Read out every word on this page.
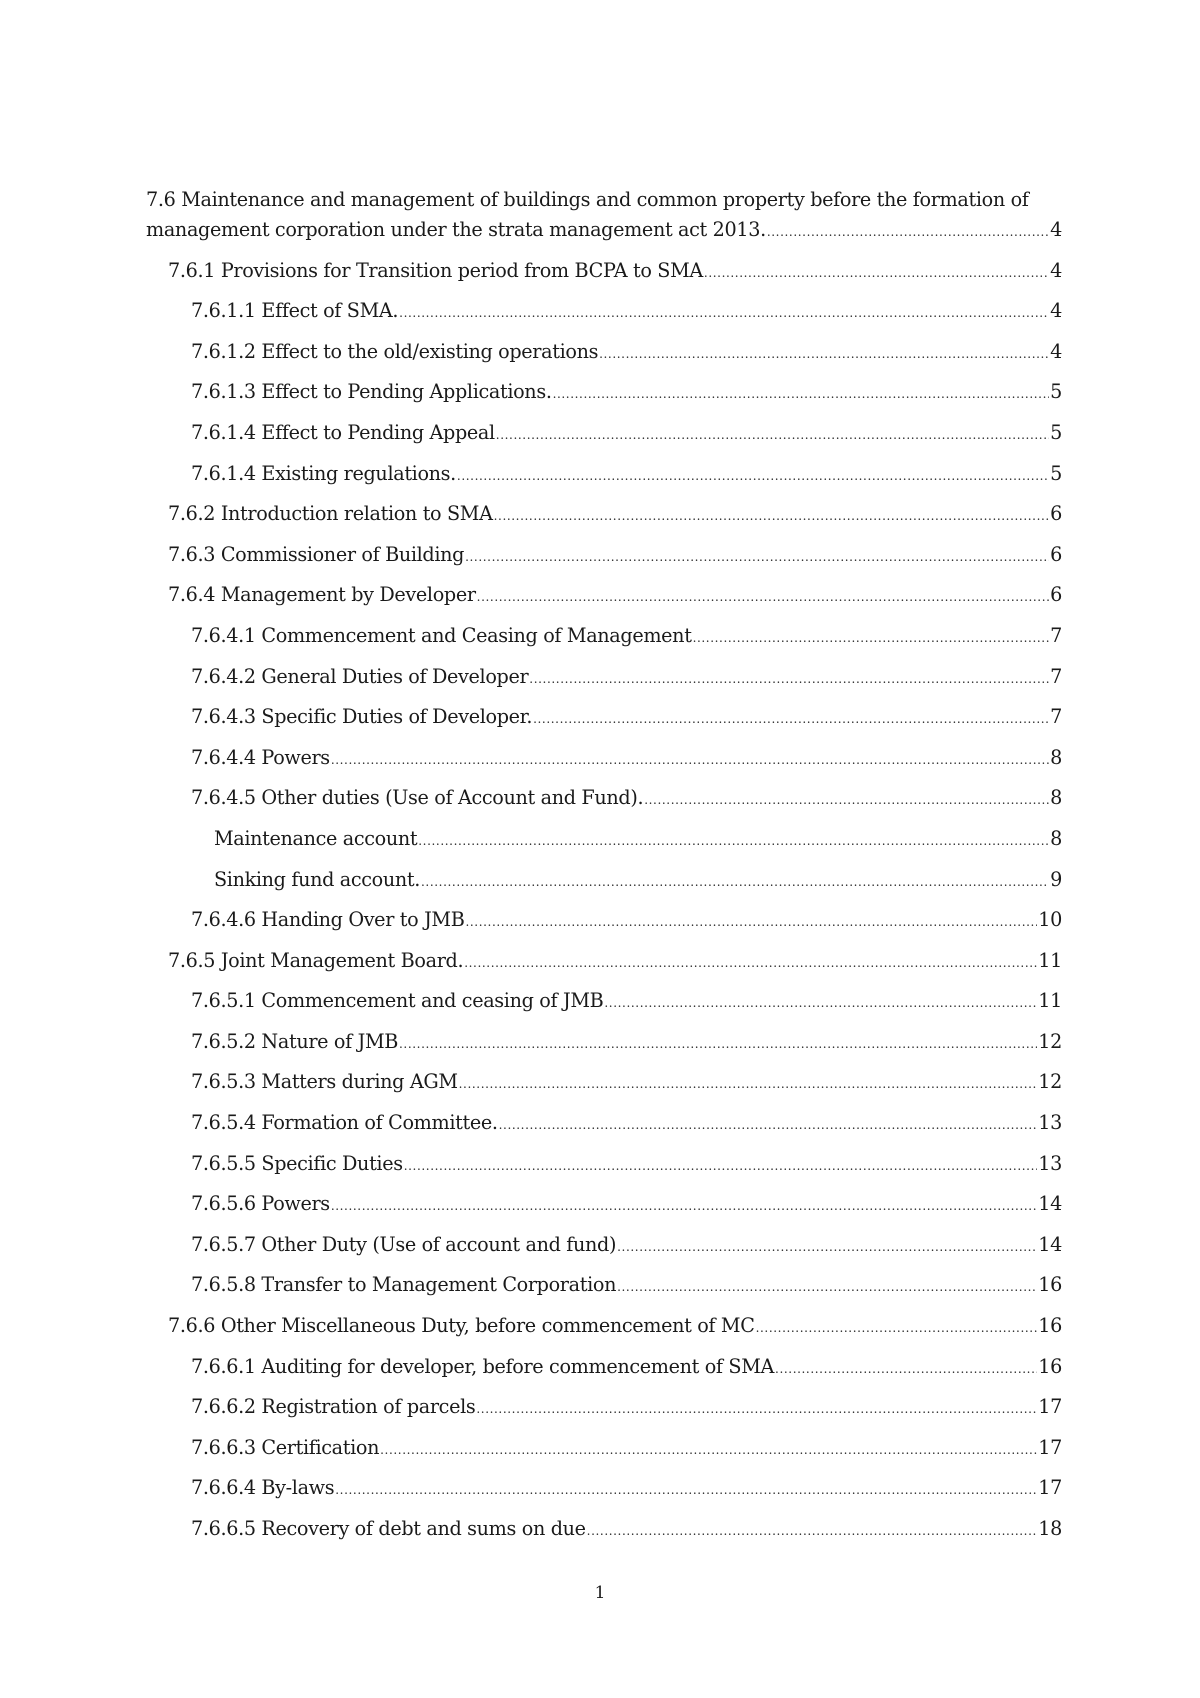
7.6 Maintenance and management of buildings and common property before the formation of
management corporation under the strata management act 2013. .....	4
7.6.1 Provisions for Transition period from BCPA to SMA .....	4
7.6.1.1 Effect of SMA. .....	4
7.6.1.2 Effect to the old/existing operations .....	4
7.6.1.3 Effect to Pending Applications. .....	5
7.6.1.4 Effect to Pending Appeal .....	5
7.6.1.4 Existing regulations. .....	5
7.6.2 Introduction relation to SMA .....	6
7.6.3 Commissioner of Building .....	6
7.6.4 Management by Developer .....	6
7.6.4.1 Commencement and Ceasing of Management .....	7
7.6.4.2 General Duties of Developer .....	7
7.6.4.3 Specific Duties of Developer. .....	7
7.6.4.4 Powers .....	8
7.6.4.5 Other duties (Use of Account and Fund). .....	8
Maintenance account .....	8
Sinking fund account. .....	9
7.6.4.6 Handing Over to JMB .....	10
7.6.5 Joint Management Board. .....	11
7.6.5.1 Commencement and ceasing of JMB .....	11
7.6.5.2 Nature of JMB .....	12
7.6.5.3 Matters during AGM .....	12
7.6.5.4 Formation of Committee. .....	13
7.6.5.5 Specific Duties .....	13
7.6.5.6 Powers .....	14
7.6.5.7 Other Duty (Use of account and fund) .....	14
7.6.5.8 Transfer to Management Corporation .....	16
7.6.6 Other Miscellaneous Duty, before commencement of MC .....	16
7.6.6.1 Auditing for developer, before commencement of SMA .....	16
7.6.6.2 Registration of parcels .....	17
7.6.6.3 Certification .....	17
7.6.6.4 By-laws .....	17
7.6.6.5 Recovery of debt and sums on due .....	18
1
